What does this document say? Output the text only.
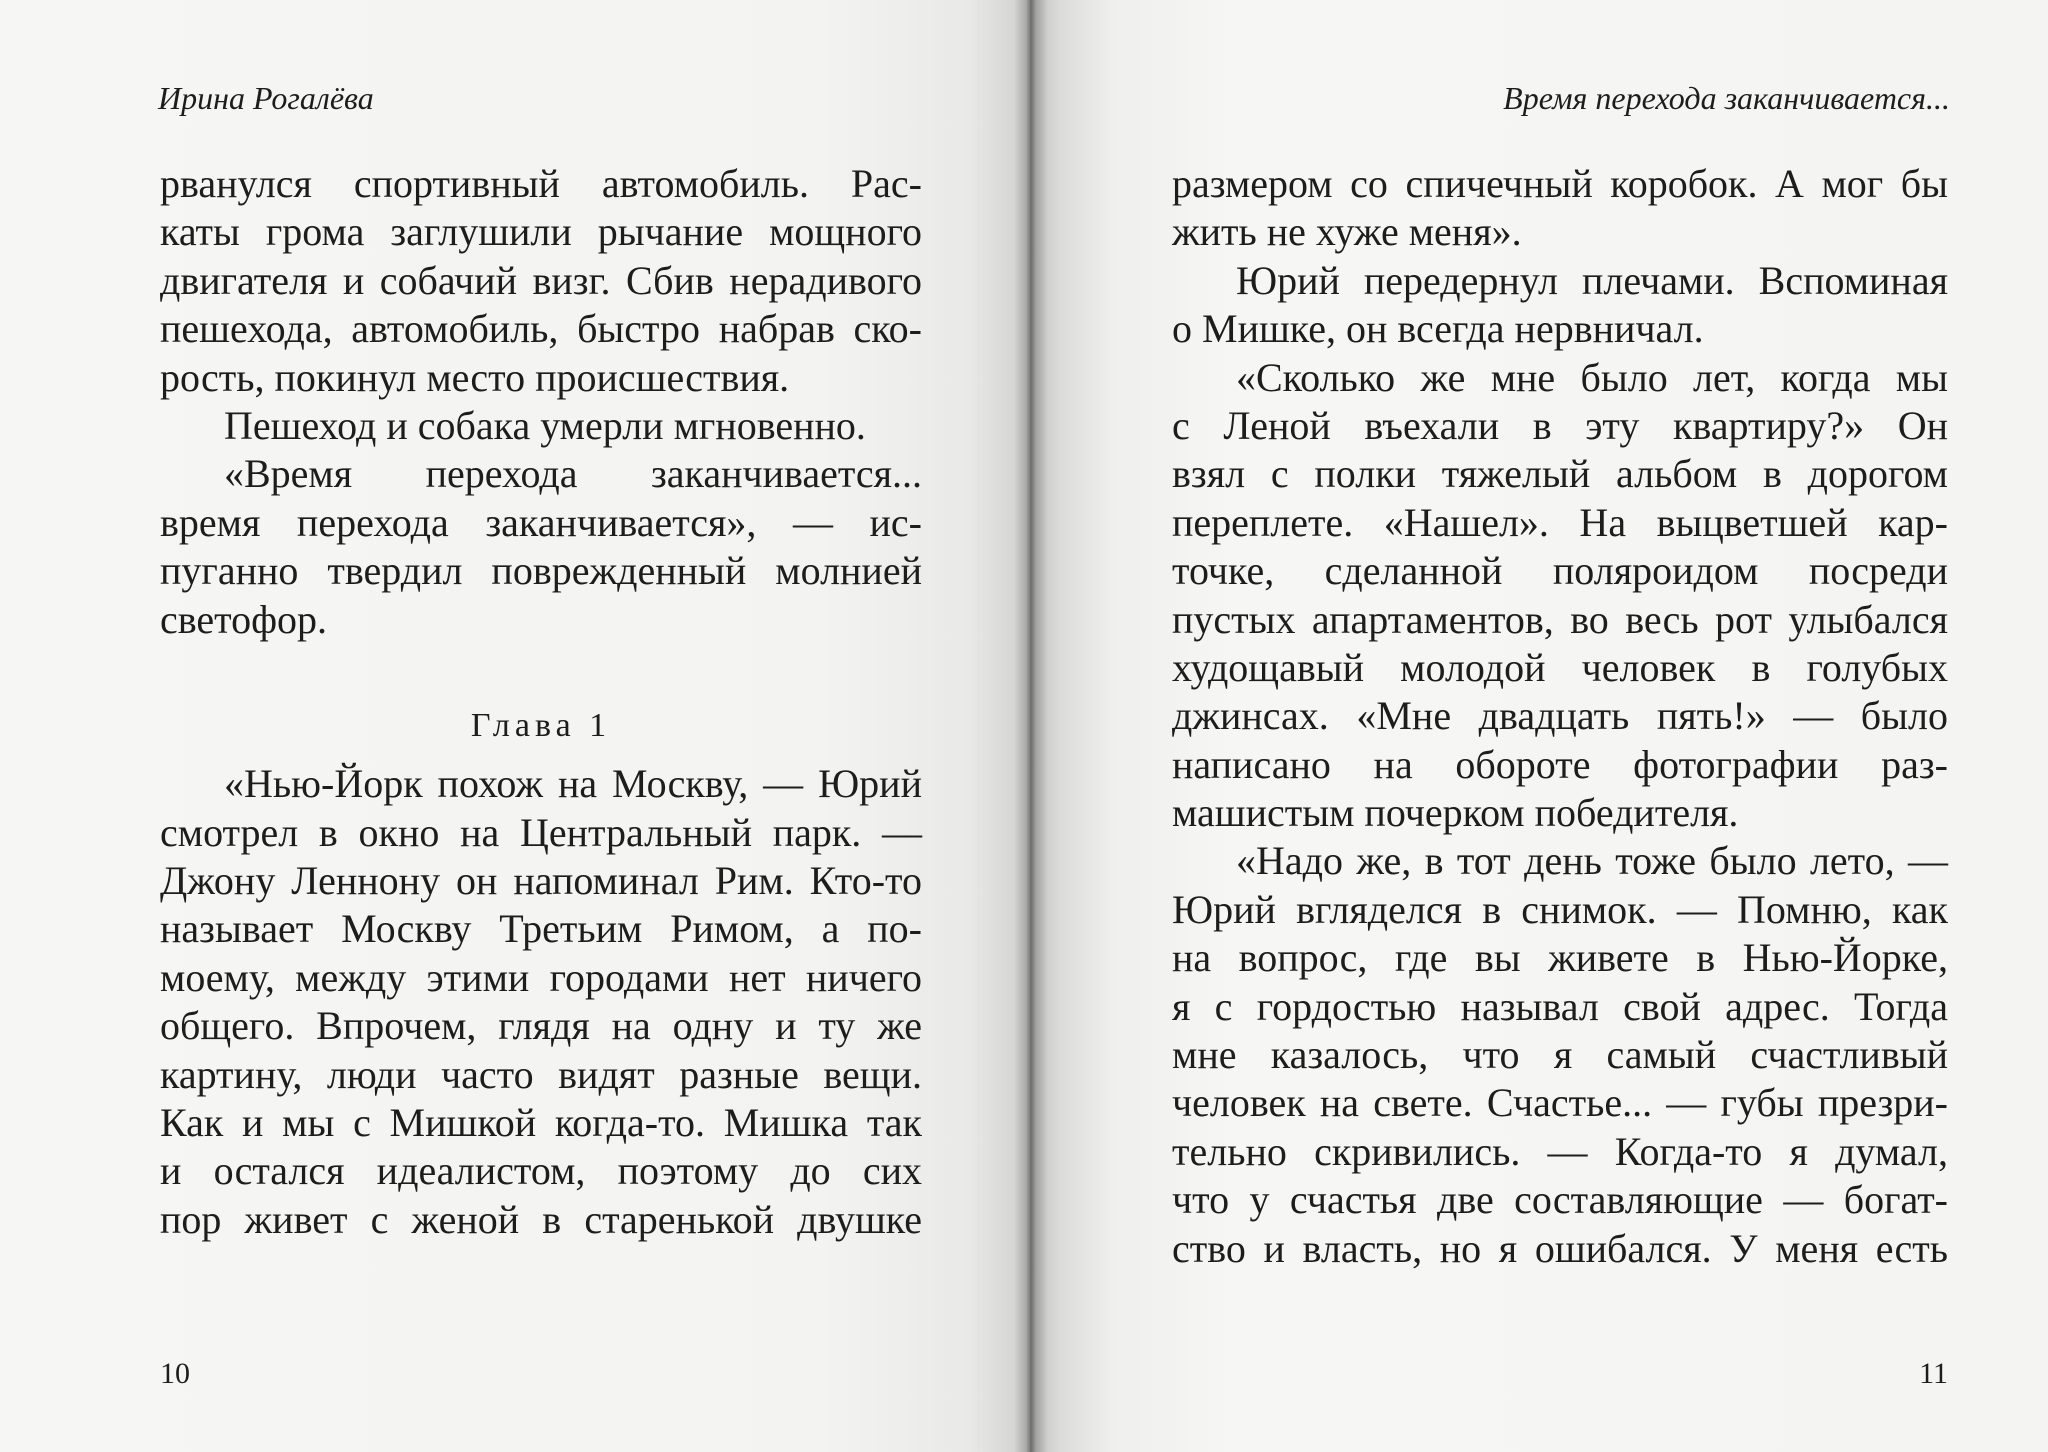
Ирина Рогалёва
рванулся спортивный автомобиль. Рас-
каты грома заглушили рычание мощного
двигателя и собачий визг. Сбив нерадивого
пешехода, автомобиль, быстро набрав ско-
рость, покинул место происшествия.
Пешеход и собака умерли мгновенно.
«Время перехода заканчивается...
время перехода заканчивается», — ис-
пуганно твердил поврежденный молнией
светофор.
Глава 1
«Нью-Йорк похож на Москву, — Юрий
смотрел в окно на Центральный парк. —
Джону Леннону он напоминал Рим. Кто-то
называет Москву Третьим Римом, а по-
моему, между этими городами нет ничего
общего. Впрочем, глядя на одну и ту же
картину, люди часто видят разные вещи.
Как и мы с Мишкой когда-то. Мишка так
и остался идеалистом, поэтому до сих
пор живет с женой в старенькой двушке
10
Время перехода заканчивается...
размером со спичечный коробок. А мог бы
жить не хуже меня».
Юрий передернул плечами. Вспоминая
о Мишке, он всегда нервничал.
«Сколько же мне было лет, когда мы
с Леной въехали в эту квартиру?» Он
взял с полки тяжелый альбом в дорогом
переплете. «Нашел». На выцветшей кар-
точке, сделанной поляроидом посреди
пустых апартаментов, во весь рот улыбался
худощавый молодой человек в голубых
джинсах. «Мне двадцать пять!» — было
написано на обороте фотографии раз-
машистым почерком победителя.
«Надо же, в тот день тоже было лето, —
Юрий вгляделся в снимок. — Помню, как
на вопрос, где вы живете в Нью-Йорке,
я с гордостью называл свой адрес. Тогда
мне казалось, что я самый счастливый
человек на свете. Счастье... — губы презри-
тельно скривились. — Когда-то я думал,
что у счастья две составляющие — богат-
ство и власть, но я ошибался. У меня есть
11
